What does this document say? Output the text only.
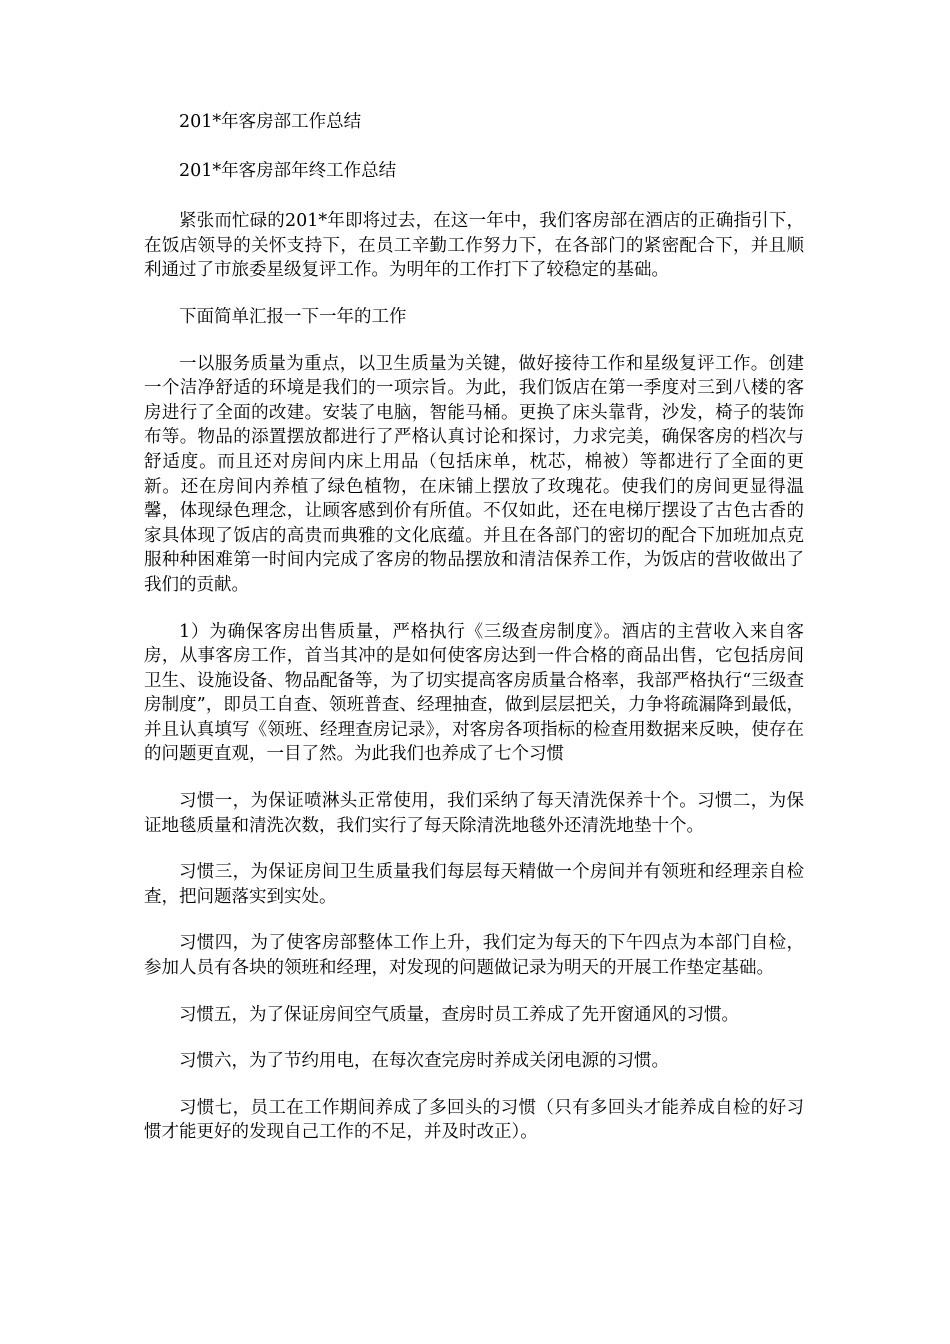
201*年客房部工作总结

201*年客房部年终工作总结

紧张而忙碌的201*年即将过去，在这一年中，我们客房部在酒店的正确指引下，在饭店领导的关怀支持下，在员工辛勤工作努力下，在各部门的紧密配合下，并且顺利通过了市旅委星级复评工作。为明年的工作打下了较稳定的基础。

下面简单汇报一下一年的工作

一以服务质量为重点，以卫生质量为关键，做好接待工作和星级复评工作。创建一个洁净舒适的环境是我们的一项宗旨。为此，我们饭店在第一季度对三到八楼的客房进行了全面的改建。安装了电脑，智能马桶。更换了床头靠背，沙发，椅子的装饰布等。物品的添置摆放都进行了严格认真讨论和探讨，力求完美，确保客房的档次与舒适度。而且还对房间内床上用品（包括床单，枕芯，棉被）等都进行了全面的更新。还在房间内养植了绿色植物，在床铺上摆放了玫瑰花。使我们的房间更显得温馨，体现绿色理念，让顾客感到价有所值。不仅如此，还在电梯厅摆设了古色古香的家具体现了饭店的高贵而典雅的文化底蕴。并且在各部门的密切的配合下加班加点克服种种困难第一时间内完成了客房的物品摆放和清洁保养工作，为饭店的营收做出了我们的贡献。

1）为确保客房出售质量，严格执行《三级查房制度》。酒店的主营收入来自客房，从事客房工作，首当其冲的是如何使客房达到一件合格的商品出售，它包括房间卫生、设施设备、物品配备等，为了切实提高客房质量合格率，我部严格执行“三级查房制度”，即员工自查、领班普查、经理抽查，做到层层把关，力争将疏漏降到最低，并且认真填写《领班、经理查房记录》，对客房各项指标的检查用数据来反映，使存在的问题更直观，一目了然。为此我们也养成了七个习惯

习惯一，为保证喷淋头正常使用，我们采纳了每天清洗保养十个。习惯二，为保证地毯质量和清洗次数，我们实行了每天除清洗地毯外还清洗地垫十个。

习惯三，为保证房间卫生质量我们每层每天精做一个房间并有领班和经理亲自检查，把问题落实到实处。

习惯四，为了使客房部整体工作上升，我们定为每天的下午四点为本部门自检，参加人员有各块的领班和经理，对发现的问题做记录为明天的开展工作垫定基础。

习惯五，为了保证房间空气质量，查房时员工养成了先开窗通风的习惯。

习惯六，为了节约用电，在每次查完房时养成关闭电源的习惯。

习惯七，员工在工作期间养成了多回头的习惯（只有多回头才能养成自检的好习惯才能更好的发现自己工作的不足，并及时改正）。
